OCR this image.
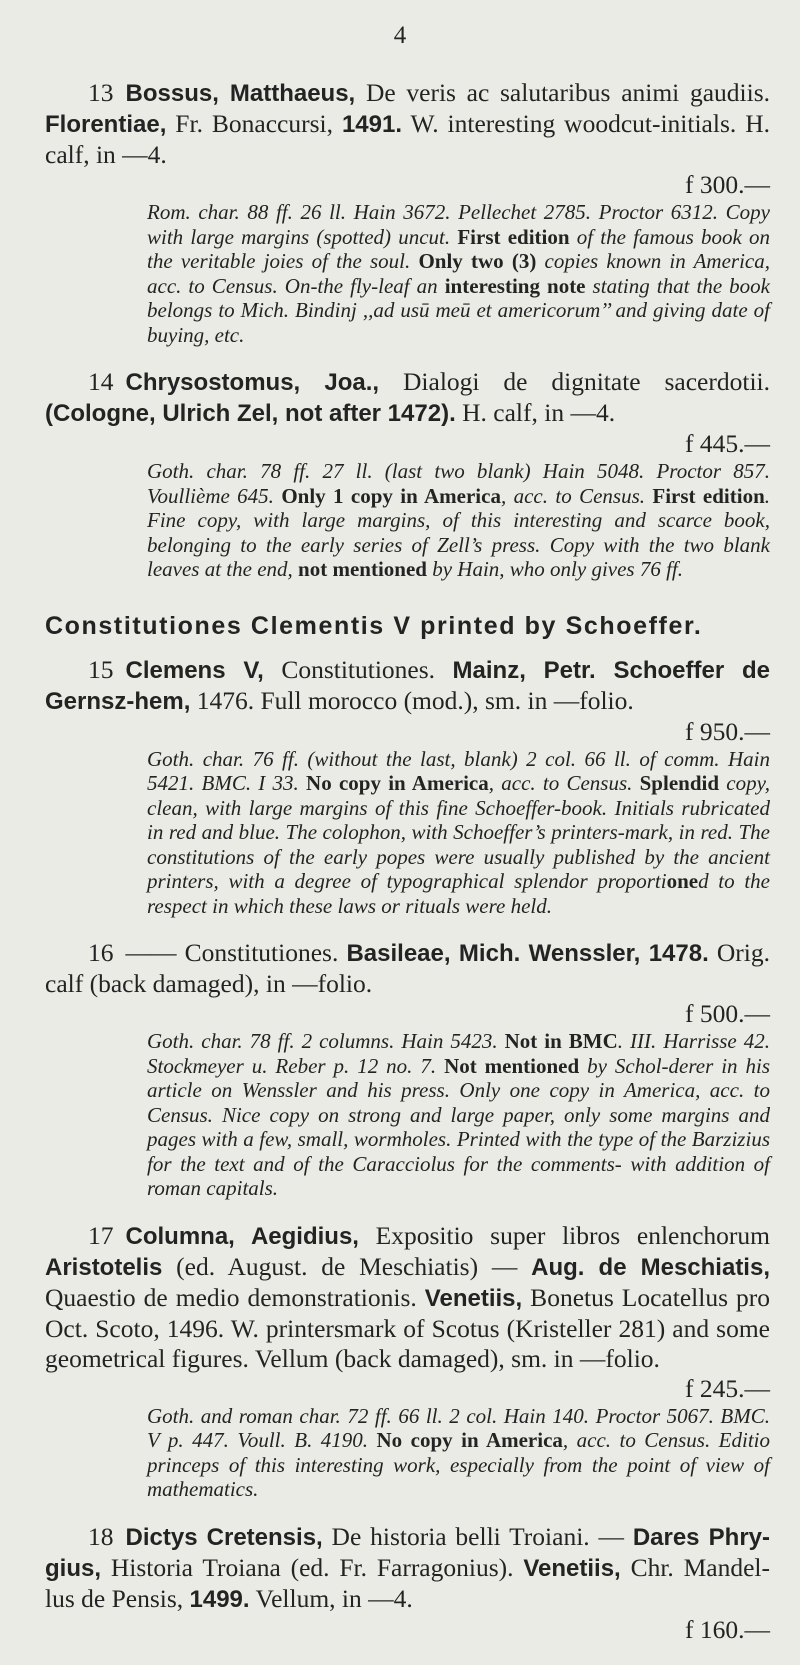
4
13 Bossus, Matthaeus, De veris ac salutaribus animi gaudiis. Florentiae, Fr. Bonaccursi, 1491. W. interesting woodcut-initials. H. calf, in —4.
f 300.—
Rom. char. 88 ff. 26 ll. Hain 3672. Pellechet 2785. Proctor 6312. Copy with large margins (spotted) uncut. First edition of the famous book on the veritable joies of the soul. Only two (3) copies known in America, acc. to Census. On-the fly-leaf an interesting note stating that the book belongs to Mich. Bindinj ,,ad usū meū et americorum’’ and giving date of buying, etc.
14 Chrysostomus, Joa., Dialogi de dignitate sacerdotii. (Cologne, Ulrich Zel, not after 1472). H. calf, in —4.
f 445.—
Goth. char. 78 ff. 27 ll. (last two blank) Hain 5048. Proctor 857. Voullième 645. Only 1 copy in America, acc. to Census. First edition. Fine copy, with large margins, of this interesting and scarce book, belonging to the early series of Zell’s press. Copy with the two blank leaves at the end, not mentioned by Hain, who only gives 76 ff.
Constitutiones Clementis V printed by Schoeffer.
15 Clemens V, Constitutiones. Mainz, Petr. Schoeffer de Gernsz-hem, 1476. Full morocco (mod.), sm. in —folio.
f 950.—
Goth. char. 76 ff. (without the last, blank) 2 col. 66 ll. of comm. Hain 5421. BMC. I 33. No copy in America, acc. to Census. Splendid copy, clean, with large margins of this fine Schoeffer-book. Initials rubricated in red and blue. The colophon, with Schoeffer’s printers-mark, in red. The constitutions of the early popes were usually published by the ancient printers, with a degree of typographical splendor proportioned to the respect in which these laws or rituals were held.
16 —— Constitutiones. Basileae, Mich. Wenssler, 1478. Orig. calf (back damaged), in —folio.
f 500.—
Goth. char. 78 ff. 2 columns. Hain 5423. Not in BMC. III. Harrisse 42. Stockmeyer u. Reber p. 12 no. 7. Not mentioned by Schol-derer in his article on Wenssler and his press. Only one copy in America, acc. to Census. Nice copy on strong and large paper, only some margins and pages with a few, small, wormholes. Printed with the type of the Barzizius for the text and of the Caracciolus for the comments- with addition of roman capitals.
17 Columna, Aegidius, Expositio super libros enlenchorum Aristotelis (ed. August. de Meschiatis) — Aug. de Meschiatis, Quaestio de medio demonstrationis. Venetiis, Bonetus Locatellus pro Oct. Scoto, 1496. W. printersmark of Scotus (Kristeller 281) and some geometrical figures. Vellum (back damaged), sm. in —folio.
f 245.—
Goth. and roman char. 72 ff. 66 ll. 2 col. Hain 140. Proctor 5067. BMC. V p. 447. Voull. B. 4190. No copy in America, acc. to Census. Editio princeps of this interesting work, especially from the point of view of mathematics.
18 Dictys Cretensis, De historia belli Troiani. — Dares Phry-gius, Historia Troiana (ed. Fr. Farragonius). Venetiis, Chr. Mandel-lus de Pensis, 1499. Vellum, in —4.
f 160.—
